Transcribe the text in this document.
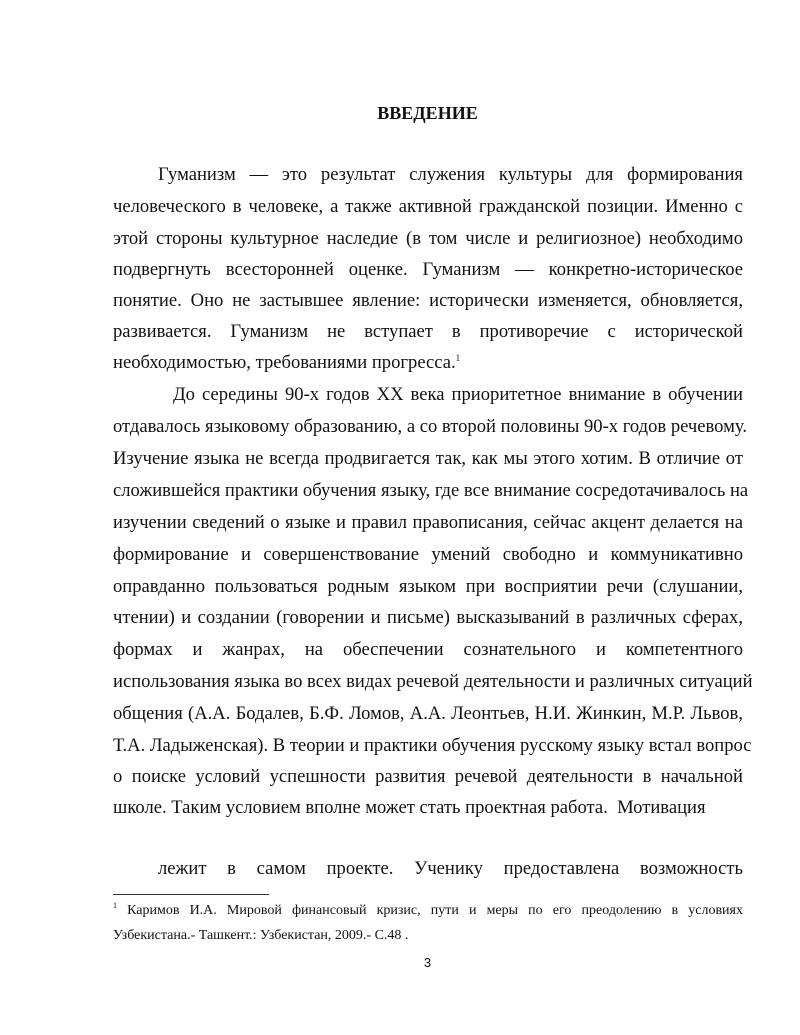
ВВЕДЕНИЕ
Гуманизм — это результат служения культуры для формирования
человеческого в человеке, а также активной гражданской позиции. Именно с
этой стороны культурное наследие (в том числе и религиозное) необходимо
подвергнуть всесторонней оценке. Гуманизм — конкретно-историческое
понятие. Оно не застывшее явление: исторически изменяется, обновляется,
развивается. Гуманизм не вступает в противоречие с исторической
необходимостью, требованиями прогресса.$^1$
До середины 90-х годов XX века приоритетное внимание в обучении
отдавалось языковому образованию, а со второй половины 90-х годов речевому.
Изучение языка не всегда продвигается так, как мы этого хотим. В отличие от
сложившейся практики обучения языку, где все внимание сосредотачивалось на
изучении сведений о языке и правил правописания, сейчас акцент делается на
формирование и совершенствование умений свободно и коммуникативно
оправданно пользоваться родным языком при восприятии речи (слушании,
чтении) и создании (говорении и письме) высказываний в различных сферах,
формах и жанрах, на обеспечении сознательного и компетентного
использования языка во всех видах речевой деятельности и различных ситуаций
общения (А.А. Бодалев, Б.Ф. Ломов, А.А. Леонтьев, Н.И. Жинкин, М.Р. Львов,
Т.А. Ладыженская). В теории и практики обучения русскому языку встал вопрос
о поиске условий успешности развития речевой деятельности в начальной
школе. Таким условием вполне может стать проектная работа.  Мотивация
лежит в самом проекте. Ученику предоставлена возможность
$^1$ Каримов И.А. Мировой финансовый кризис, пути и меры по его преодолению в условиях
Узбекистана.- Ташкент.: Узбекистан, 2009.- С.48 .
3
